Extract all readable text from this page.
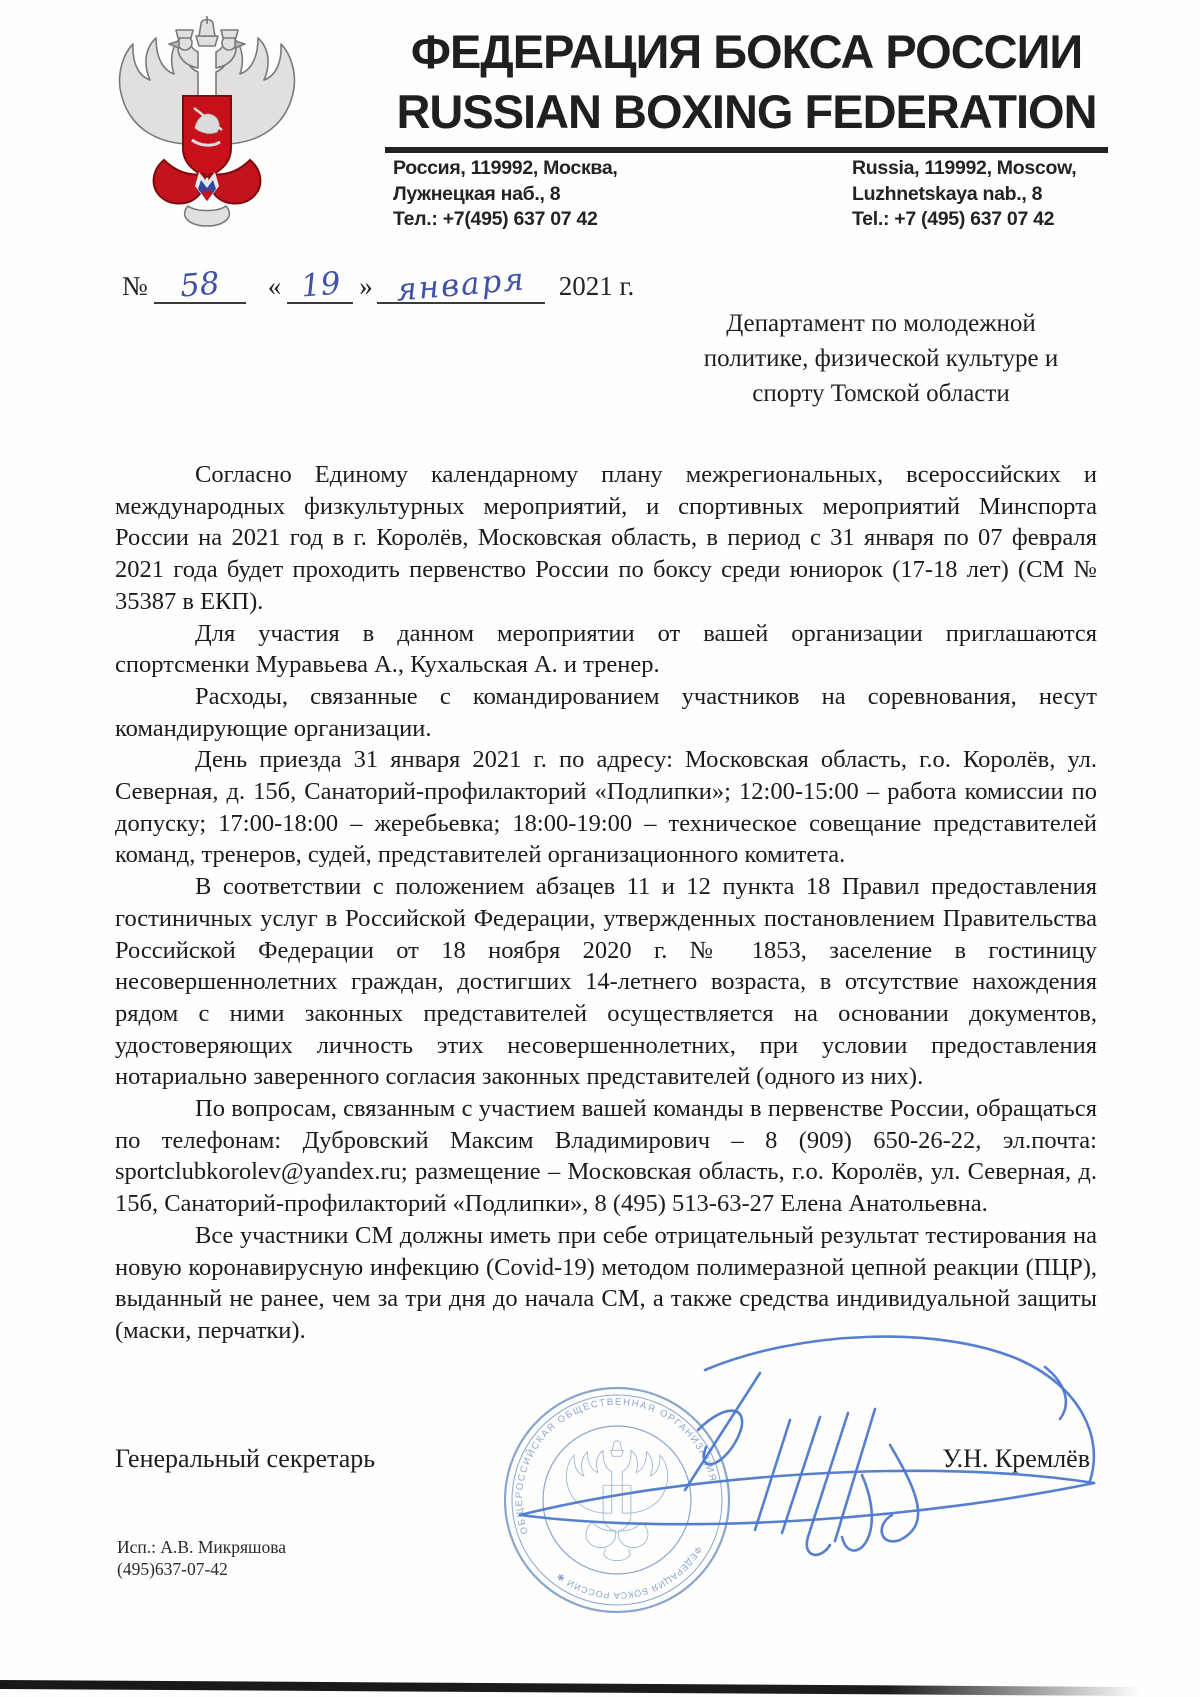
ФЕДЕРАЦИЯ БОКСА РОССИИ
RUSSIAN BOXING FEDERATION
Россия, 119992, Москва,
Лужнецкая наб., 8
Тел.: +7(495) 637 07 42
Russia, 119992, Moscow,
Luzhnetskaya nab., 8
Tel.: +7 (495) 637 07 42
№ 58	« 19 » января	2021 г.
Департамент по молодежной
политике, физической культуре и
спорту Томской области

Согласно Единому календарному плану межрегиональных, всероссийских и международных физкультурных мероприятий, и спортивных мероприятий Минспорта России на 2021 год в г. Королёв, Московская область, в период с 31 января по 07 февраля 2021 года будет проходить первенство России по боксу среди юниорок (17-18 лет) (СМ № 35387 в ЕКП).

Для участия в данном мероприятии от вашей организации приглашаются спортсменки Муравьева А., Кухальская А. и тренер.

Расходы, связанные с командированием участников на соревнования, несут командирующие организации.

День приезда 31 января 2021 г. по адресу: Московская область, г.о. Королёв, ул. Северная, д. 15б, Санаторий-профилакторий «Подлипки»; 12:00-15:00 – работа комиссии по допуску; 17:00-18:00 – жеребьевка; 18:00-19:00 – техническое совещание представителей команд, тренеров, судей, представителей организационного комитета.

В соответствии с положением абзацев 11 и 12 пункта 18 Правил предоставления гостиничных услуг в Российской Федерации, утвержденных постановлением Правительства Российской Федерации от 18 ноября 2020 г. № 1853, заселение в гостиницу несовершеннолетних граждан, достигших 14-летнего возраста, в отсутствие нахождения рядом с ними законных представителей осуществляется на основании документов, удостоверяющих личность этих несовершеннолетних, при условии предоставления нотариально заверенного согласия законных представителей (одного из них).

По вопросам, связанным с участием вашей команды в первенстве России, обращаться по телефонам: Дубровский Максим Владимирович – 8 (909) 650-26-22, эл.почта: sportclubkorolev@yandex.ru; размещение – Московская область, г.о. Королёв, ул. Северная, д. 15б, Санаторий-профилакторий «Подлипки», 8 (495) 513-63-27 Елена Анатольевна.

Все участники СМ должны иметь при себе отрицательный результат тестирования на новую коронавирусную инфекцию (Covid-19) методом полимеразной цепной реакции (ПЦР), выданный не ранее, чем за три дня до начала СМ, а также средства индивидуальной защиты (маски, перчатки).

ОБЩЕРОССИЙСКАЯ ОБЩЕСТВЕННАЯ ОРГАНИЗАЦИЯ
ФЕДЕРАЦИЯ БОКСА РОССИИ ✱
Генеральный секретарь	У.Н. Кремлёв
Исп.: А.В. Микряшова
(495)637-07-42
